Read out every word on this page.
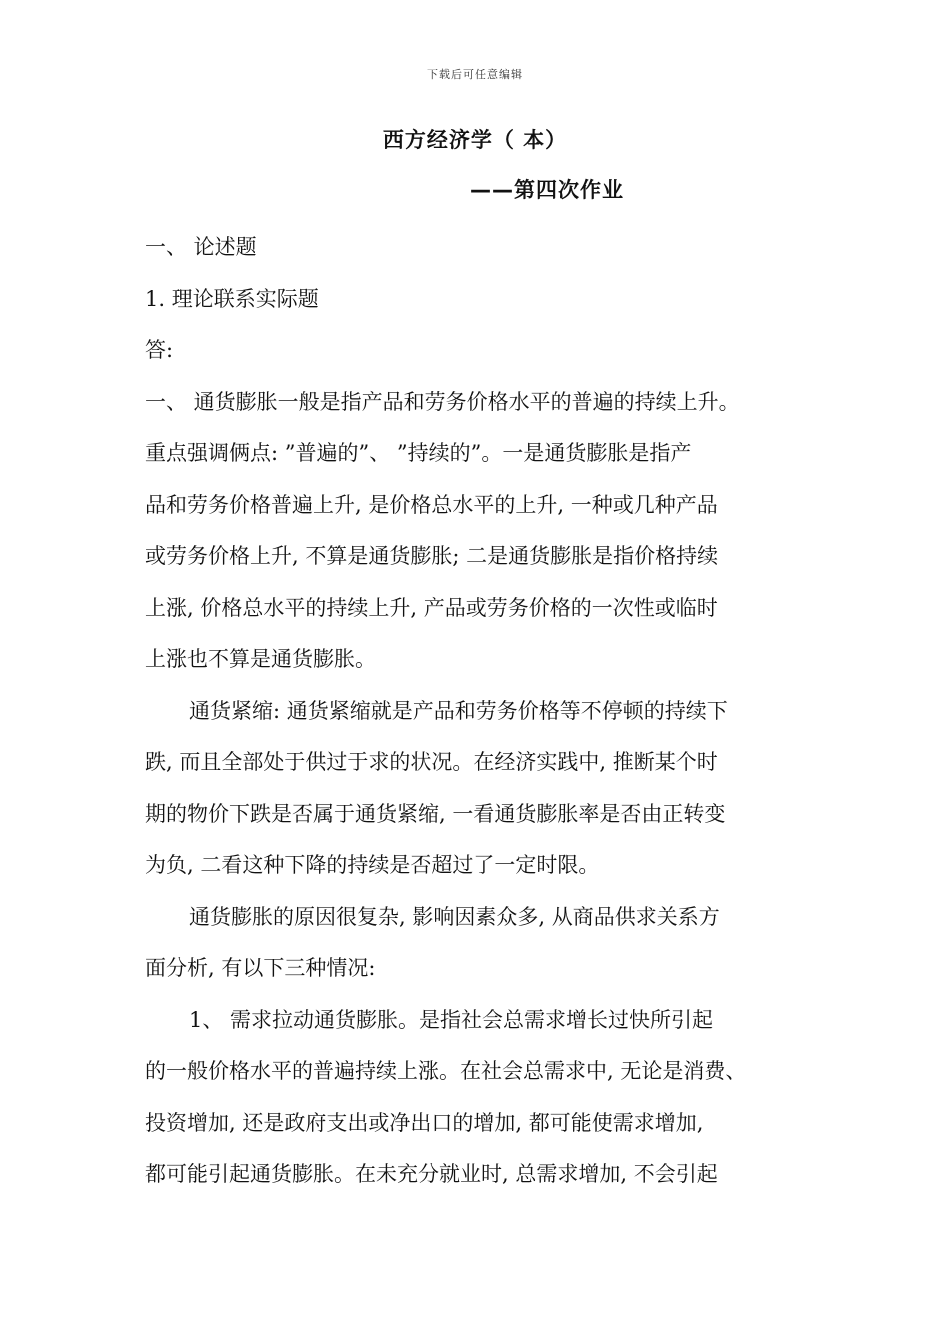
下载后可任意编辑
西方经济学（ 本）
——第四次作业
一、 论述题
1. 理论联系实际题
答:
一、 通货膨胀一般是指产品和劳务价格水平的普遍的持续上升。
重点强调俩点: ”普遍的”、 ”持续的”。一是通货膨胀是指产
品和劳务价格普遍上升, 是价格总水平的上升, 一种或几种产品
或劳务价格上升, 不算是通货膨胀; 二是通货膨胀是指价格持续
上涨, 价格总水平的持续上升, 产品或劳务价格的一次性或临时
上涨也不算是通货膨胀。
通货紧缩: 通货紧缩就是产品和劳务价格等不停顿的持续下
跌, 而且全部处于供过于求的状况。在经济实践中, 推断某个时
期的物价下跌是否属于通货紧缩, 一看通货膨胀率是否由正转变
为负, 二看这种下降的持续是否超过了一定时限。
通货膨胀的原因很复杂, 影响因素众多, 从商品供求关系方
面分析, 有以下三种情况:
1、 需求拉动通货膨胀。是指社会总需求增长过快所引起
的一般价格水平的普遍持续上涨。在社会总需求中, 无论是消费、
投资增加, 还是政府支出或净出口的增加, 都可能使需求增加,
都可能引起通货膨胀。在未充分就业时, 总需求增加, 不会引起
